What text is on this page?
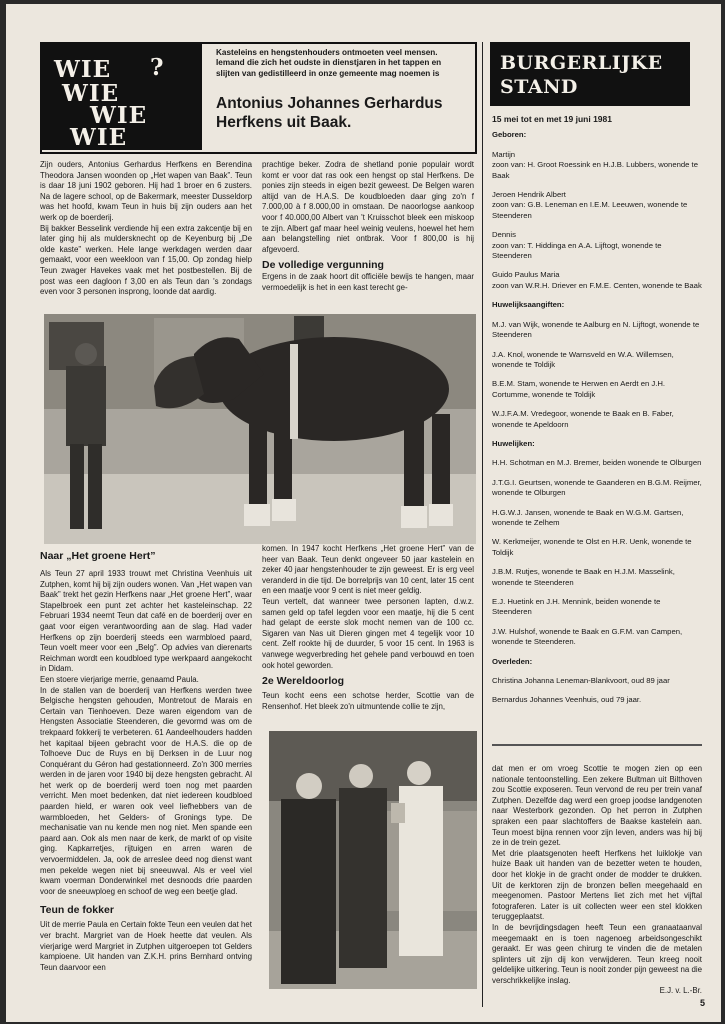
WIE
WIE
WIE
WIE
?
Kasteleins en hengstenhouders ontmoeten veel mensen. Iemand die zich het oudste in dienstjaren in het tappen en slijten van gedistilleerd in onze gemeente mag noemen is
Antonius Johannes Gerhardus Herfkens uit Baak.
BURGERLIJKE
STAND

Zijn ouders, Antonius Gerhardus Herfkens en Berendina Theodora Jansen woonden op „Het wapen van Baak”. Teun is daar 18 juni 1902 geboren. Hij had 1 broer en 6 zusters. Na de lagere school, op de Bakermark, meester Dusseldorp was het hoofd, kwam Teun in huis bij zijn ouders aan het werk op de boerderij.

Bij bakker Besselink verdiende hij een extra zakcentje bij en later ging hij als muldersknecht op de Keyenburg bij „De olde kaste” werken. Hele lange werkdagen werden daar gemaakt, voor een weekloon van f 15,00. Op zondag hielp Teun zwager Havekes vaak met het postbestellen. Bij de post was een dagloon f 3,00 en als Teun dan 's zondags even voor 3 personen insprong, loonde dat aardig.

prachtige beker. Zodra de shetland ponie populair wordt komt er voor dat ras ook een hengst op stal Herfkens. De ponies zijn steeds in eigen bezit geweest. De Belgen waren altijd van de H.A.S. De koudbloeden daar ging zo'n f 7.000,00 à f 8.000,00 in omstaan. De naoorlogse aankoop voor f 40.000,00 Albert van 't Kruisschot bleek een miskoop te zijn. Albert gaf maar heel weinig veulens, hoewel het hem aan belangstelling niet ontbrak. Voor f 800,00 is hij afgevoerd.

De volledige vergunning

Ergens in de zaak hoort dit officiële bewijs te hangen, maar vermoedelijk is het in een kast terecht ge-

Naar „Het groene Hert”

Als Teun 27 april 1933 trouwt met Christina Veenhuis uit Zutphen, komt hij bij zijn ouders wonen. Van „Het wapen van Baak” trekt het gezin Herfkens naar „Het groene Hert”, waar Stapelbroek een punt zet achter het kasteleinschap. 22 Februari 1934 neemt Teun dat café en de boerderij over en gaat voor eigen verantwoording aan de slag. Had vader Herfkens op zijn boerderij steeds een warmbloed paard, Teun voelt meer voor een „Belg”. Op advies van dierenarts Reichman wordt een koudbloed type werkpaard aangekocht in Didam.

Een stoere vierjarige merrie, genaamd Paula.

In de stallen van de boerderij van Herfkens werden twee Belgische hengsten gehouden, Montretout de Marais en Certain van Tienhoeven. Deze waren eigendom van de Hengsten Associatie Steenderen, die gevormd was om de trekpaard fokkerij te verbeteren. 61 Aandeelhouders hadden het kapitaal bijeen gebracht voor de H.A.S. die op de Tolhoeve Duc de Ruys en bij Derksen in de Luur nog Conquérant du Géron had gestationneerd. Zo'n 300 merries werden in de jaren voor 1940 bij deze hengsten gebracht. Al het werk op de boerderij werd toen nog met paarden verricht. Men moet bedenken, dat niet iedereen koudbloed paarden hield, er waren ook veel liefhebbers van de warmbloeden, het Gelders- of Gronings type. De mechanisatie van nu kende men nog niet. Men spande een paard aan. Ook als men naar de kerk, de markt of op visite ging. Kapkarretjes, rijtuigen en arren waren de vervoermiddelen. Ja, ook de arreslee deed nog dienst want men pekelde wegen niet bij sneeuwval. Als er veel viel kwam voerman Donderwinkel met desnoods drie paarden voor de sneeuwploeg en schoof de weg een beetje glad.

Teun de fokker

Uit de merrie Paula en Certain fokte Teun een veulen dat het ver bracht. Margriet van de Hoek heette dat veulen. Als vierjarige werd Margriet in Zutphen uitgeroepen tot Gelders kampioene. Uit handen van Z.K.H. prins Bernhard ontving Teun daarvoor een

komen. In 1947 kocht Herfkens „Het groene Hert” van de heer van Baak. Teun denkt ongeveer 50 jaar kastelein en zeker 40 jaar hengstenhouder te zijn geweest. Er is erg veel veranderd in die tijd. De borrelprijs van 10 cent, later 15 cent en een maatje voor 9 cent is niet meer geldig.

Teun vertelt, dat wanneer twee personen lapten, d.w.z. samen geld op tafel legden voor een maatje, hij die 5 cent had gelapt de eerste slok mocht nemen van de 100 cc. Sigaren van Nas uit Dieren gingen met 4 tegelijk voor 10 cent. Zelf rookte hij de duurder, 5 voor 15 cent. In 1963 is vanwege wegverbreding het gehele pand verbouwd en toen ook hotel geworden.

2e Wereldoorlog

Teun kocht eens een schotse herder, Scottie van de Rensenhof. Het bleek zo'n uitmuntende collie te zijn,

dat men er om vroeg Scottie te mogen zien op een nationale tentoonstelling. Een zekere Bultman uit Bilthoven zou Scottie exposeren. Teun vervond de reu per trein vanaf Zutphen. Dezelfde dag werd een groep joodse landgenoten naar Westerbork gezonden. Op het perron in Zutphen spraken een paar slachtoffers de Baakse kastelein aan. Teun moest bijna rennen voor zijn leven, anders was hij bij ze in de trein gezet.

Met drie plaatsgenoten heeft Herfkens het luiklokje van huize Baak uit handen van de bezetter weten te houden, door het klokje in de gracht onder de modder te drukken. Uit de kerktoren zijn de bronzen bellen meegehaald en meegenomen. Pastoor Mertens liet zich met het vijftal fotograferen. Later is uit collecten weer een stel klokken teruggeplaatst.

In de bevrijdingsdagen heeft Teun een granaataanval meegemaakt en is toen nagenoeg arbeidsongeschikt geraakt. Er was geen chirurg te vinden die de metalen splinters uit zijn dij kon verwijderen. Teun kreeg nooit geldelijke uitkering. Teun is nooit zonder pijn geweest na die verschrikkelijke inslag.

E.J. v. L.-Br.

15 mei tot en met 19 juni 1981

Geboren:

Martijn
zoon van: H. Groot Roessink en H.J.B. Lubbers, wonende te Baak

Jeroen Hendrik Albert
zoon van: G.B. Leneman en I.E.M. Leeuwen, wonende te Steenderen

Dennis
zoon van: T. Hiddinga en A.A. Lijftogt, wonende te Steenderen

Guido Paulus Maria
zoon van W.R.H. Driever en F.M.E. Centen, wonende te Baak

Huwelijksaangiften:

M.J. van Wijk, wonende te Aalburg en N. Lijftogt, wonende te Steenderen

J.A. Knol, wonende te Warnsveld en W.A. Willemsen, wonende te Toldijk

B.E.M. Stam, wonende te Herwen en Aerdt en J.H. Cortumme, wonende te Toldijk

W.J.F.A.M. Vredegoor, wonende te Baak en B. Faber, wonende te Apeldoorn

Huwelijken:

H.H. Schotman en M.J. Bremer, beiden wonende te Olburgen

J.T.G.I. Geurtsen, wonende te Gaanderen en B.G.M. Reijmer, wonende te Olburgen

H.G.W.J. Jansen, wonende te Baak en W.G.M. Gartsen, wonende te Zelhem

W. Kerkmeijer, wonende te Olst en H.R. Uenk, wonende te Toldijk

J.B.M. Rutjes, wonende te Baak en H.J.M. Masselink, wonende te Steenderen

E.J. Huetink en J.H. Mennink, beiden wonende te Steenderen

J.W. Hulshof, wonende te Baak en G.F.M. van Campen, wonende te Steenderen.

Overleden:

Christina Johanna Leneman-Blankvoort, oud 89 jaar

Bernardus Johannes Veenhuis, oud 79 jaar.

5
